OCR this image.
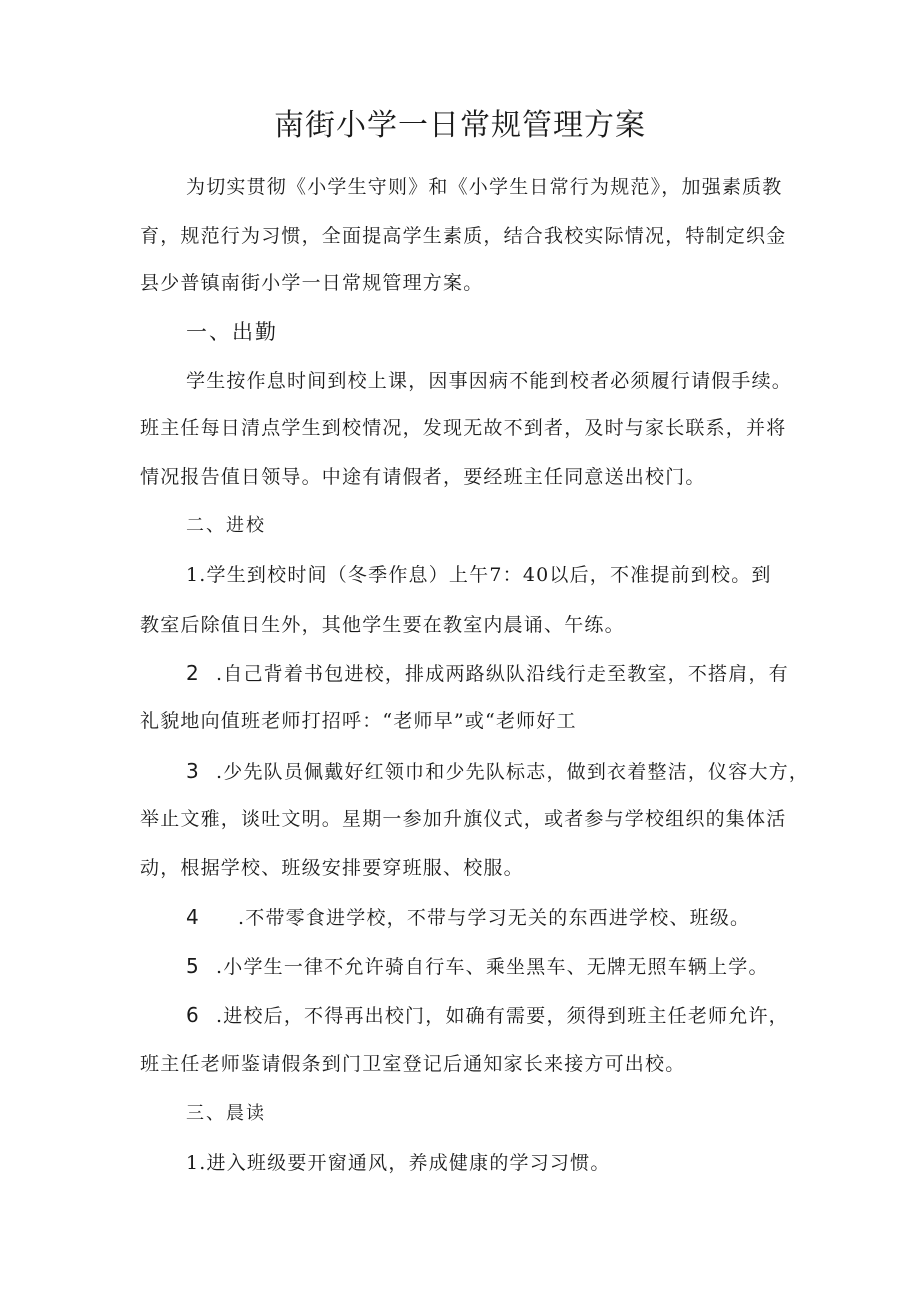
南街小学一日常规管理方案
为切实贯彻《小学生守则》和《小学生日常行为规范》，加强素质教
育，规范行为习惯，全面提高学生素质，结合我校实际情况，特制定织金
县少普镇南街小学一日常规管理方案。
一、出勤
学生按作息时间到校上课，因事因病不能到校者必须履行请假手续。
班主任每日清点学生到校情况，发现无故不到者，及时与家长联系，并将
情况报告值日领导。中途有请假者，要经班主任同意送出校门。
二、进校
1.学生到校时间（冬季作息）上午7：40以后，不准提前到校。到
教室后除值日生外，其他学生要在教室内晨诵、午练。
2 .自己背着书包进校，排成两路纵队沿线行走至教室，不搭肩，有
礼貌地向值班老师打招呼：“老师早”或“老师好工
3 .少先队员佩戴好红领巾和少先队标志，做到衣着整洁，仪容大方，
举止文雅，谈吐文明。星期一参加升旗仪式，或者参与学校组织的集体活
动，根据学校、班级安排要穿班服、校服。
4 .不带零食进学校，不带与学习无关的东西进学校、班级。
5 .小学生一律不允许骑自行车、乘坐黑车、无牌无照车辆上学。
6 .进校后，不得再出校门，如确有需要，须得到班主任老师允许，
班主任老师鉴请假条到门卫室登记后通知家长来接方可出校。
三、晨读
1.进入班级要开窗通风，养成健康的学习习惯。
